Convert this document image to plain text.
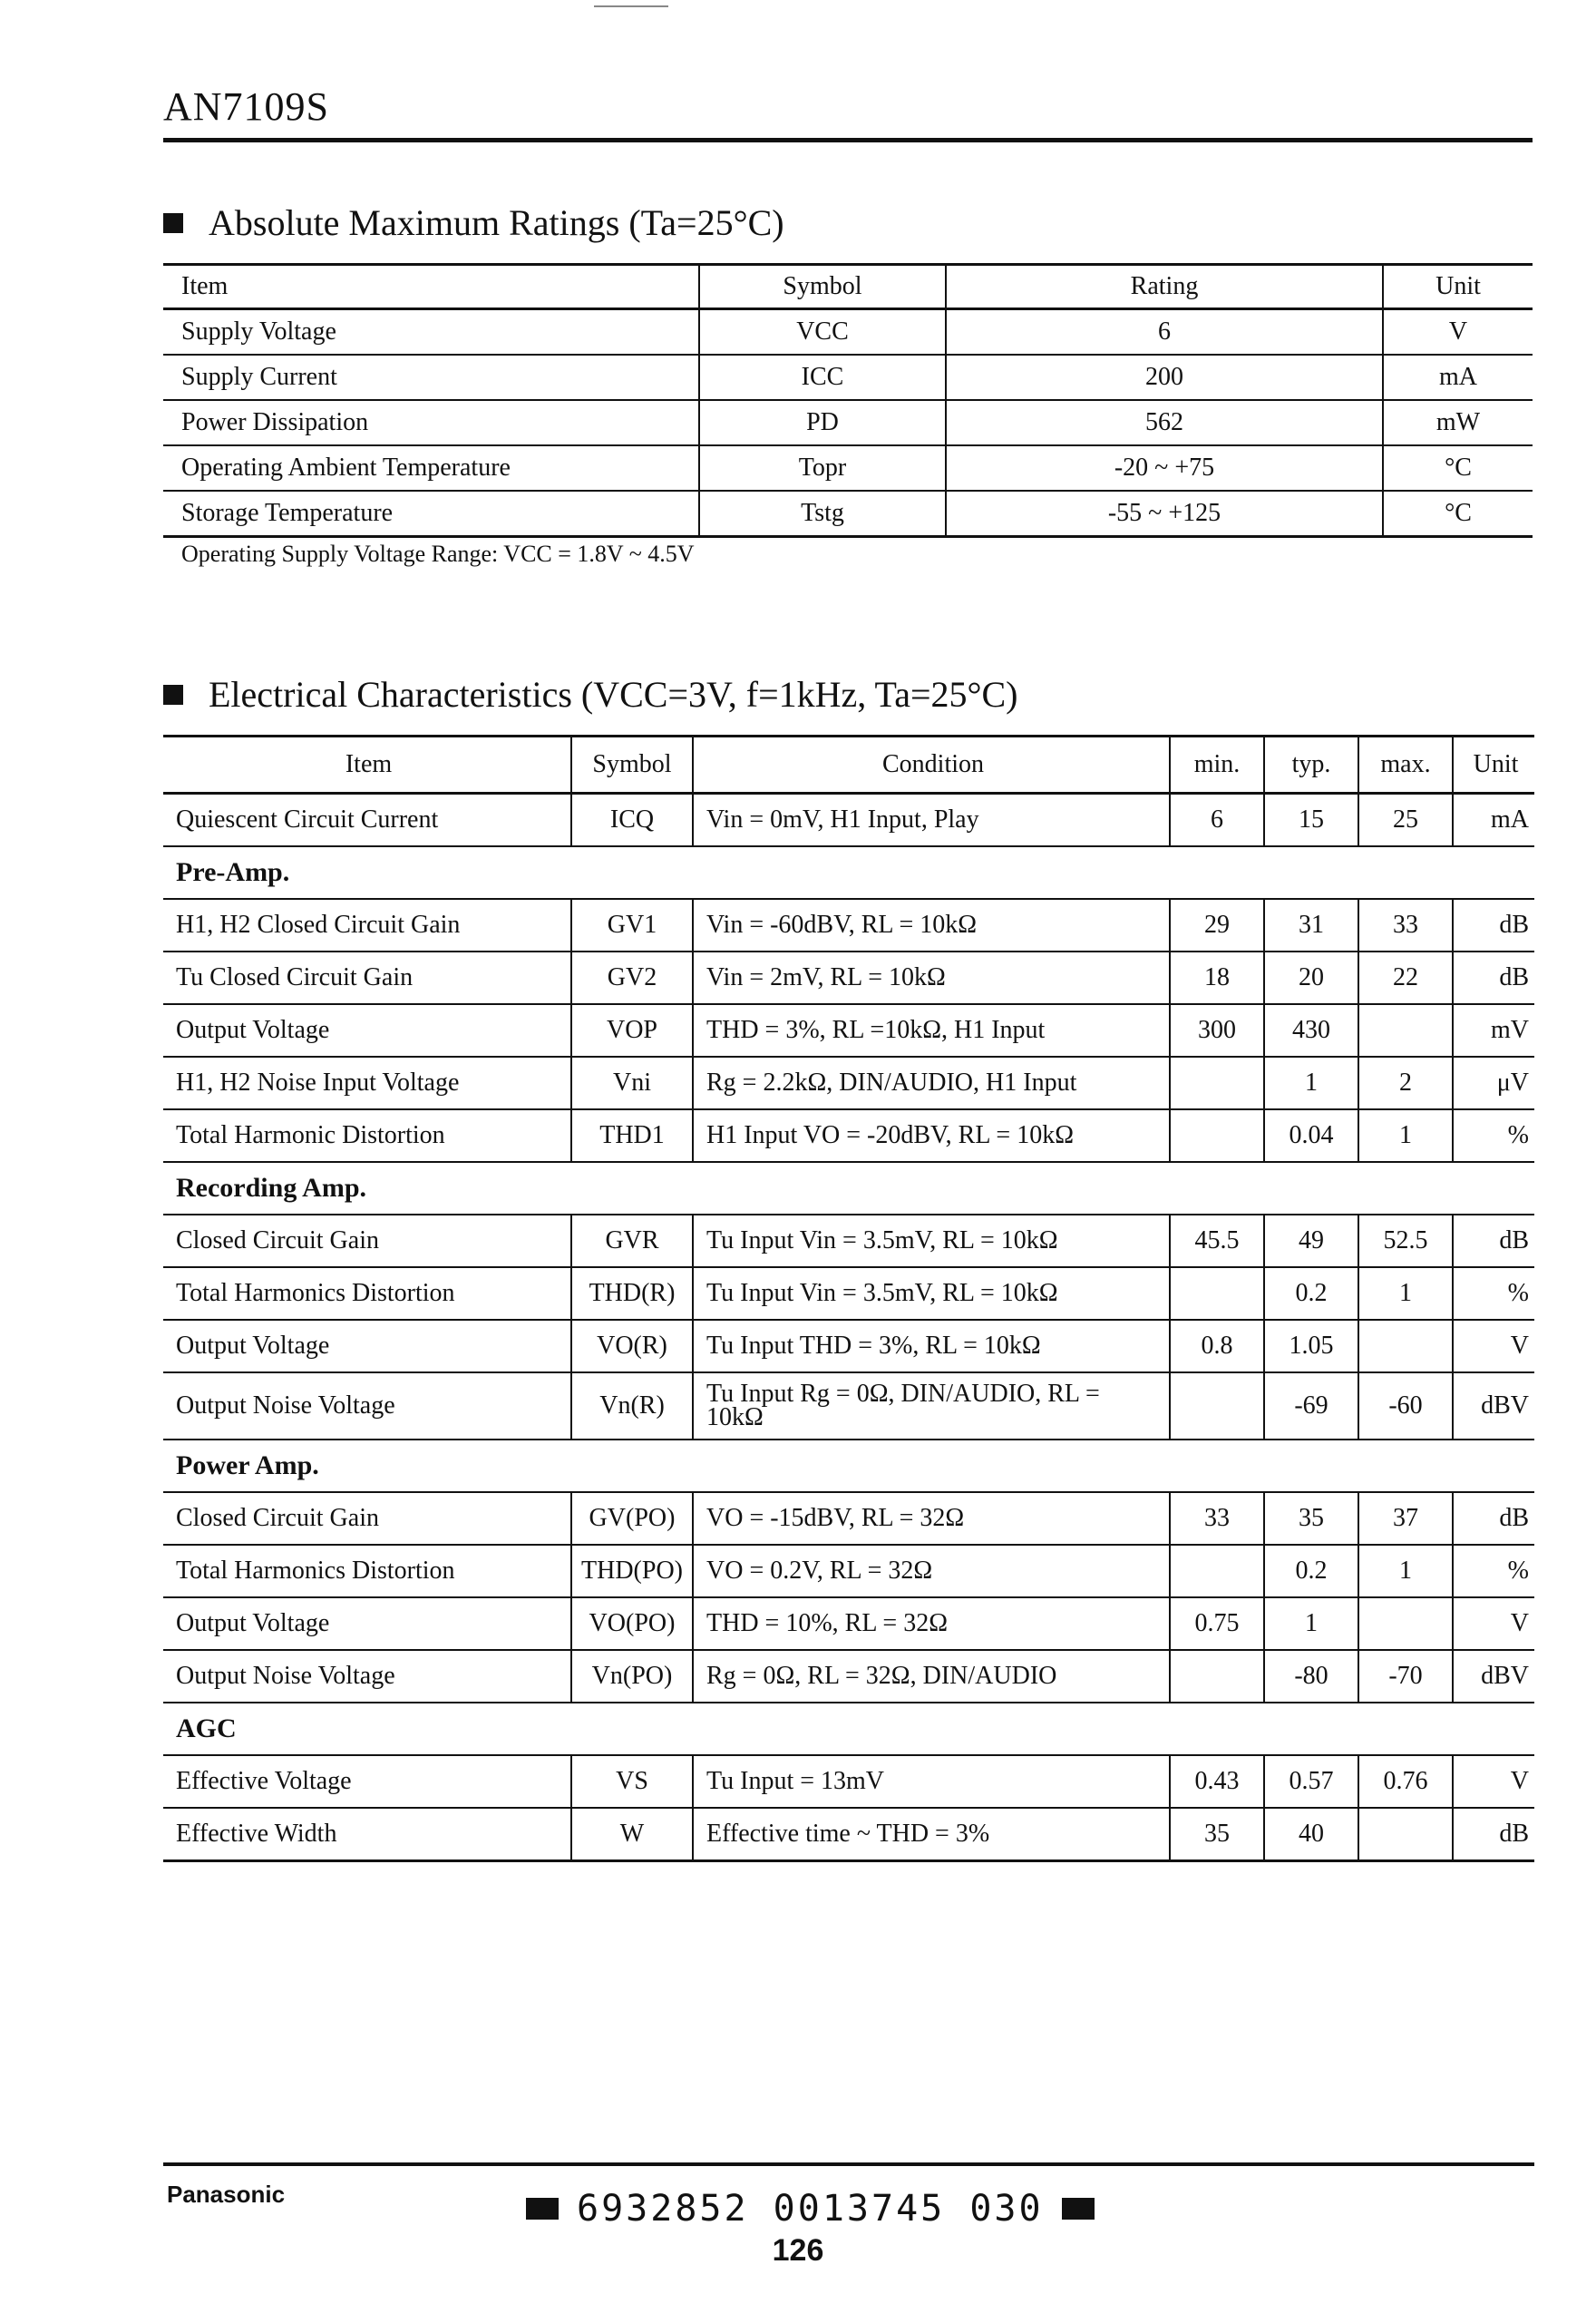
AN7109S
Absolute Maximum Ratings (Ta=25°C)
Item	Symbol	Rating	Unit
Supply Voltage	VCC	6	V
Supply Current	ICC	200	mA
Power Dissipation	PD	562	mW
Operating Ambient Temperature	Topr	-20 ~ +75	°C
Storage Temperature	Tstg	-55 ~ +125	°C
Operating Supply Voltage Range: VCC = 1.8V ~ 4.5V
Electrical Characteristics (VCC=3V, f=1kHz, Ta=25°C)
Item	Symbol	Condition	min.	typ.	max.	Unit
Quiescent Circuit Current	ICQ	Vin = 0mV, H1 Input, Play	6	15	25	mA
Pre-Amp.						
H1, H2 Closed Circuit Gain	GV1	Vin = -60dBV, RL = 10kΩ	29	31	33	dB
Tu Closed Circuit Gain	GV2	Vin = 2mV, RL = 10kΩ	18	20	22	dB
Output Voltage	VOP	THD = 3%, RL =10kΩ, H1 Input	300	430		mV
H1, H2 Noise Input Voltage	Vni	Rg = 2.2kΩ, DIN/AUDIO, H1 Input		1	2	μV
Total Harmonic Distortion	THD1	H1 Input VO = -20dBV, RL = 10kΩ		0.04	1	%
Recording Amp.						
Closed Circuit Gain	GVR	Tu Input Vin = 3.5mV, RL = 10kΩ	45.5	49	52.5	dB
Total Harmonics Distortion	THD(R)	Tu Input Vin = 3.5mV, RL = 10kΩ		0.2	1	%
Output Voltage	VO(R)	Tu Input THD = 3%, RL = 10kΩ	0.8	1.05		V
Output Noise Voltage	Vn(R)	Tu Input Rg = 0Ω, DIN/AUDIO, RL = 10kΩ		-69	-60	dBV
Power Amp.						
Closed Circuit Gain	GV(PO)	VO = -15dBV, RL = 32Ω	33	35	37	dB
Total Harmonics Distortion	THD(PO)	VO = 0.2V, RL = 32Ω		0.2	1	%
Output Voltage	VO(PO)	THD = 10%, RL = 32Ω	0.75	1		V
Output Noise Voltage	Vn(PO)	Rg = 0Ω, RL = 32Ω, DIN/AUDIO		-80	-70	dBV
AGC						
Effective Voltage	VS	Tu Input = 13mV	0.43	0.57	0.76	V
Effective Width	W	Effective time ~ THD = 3%	35	40		dB
Panasonic	6932852 0013745 030
126
